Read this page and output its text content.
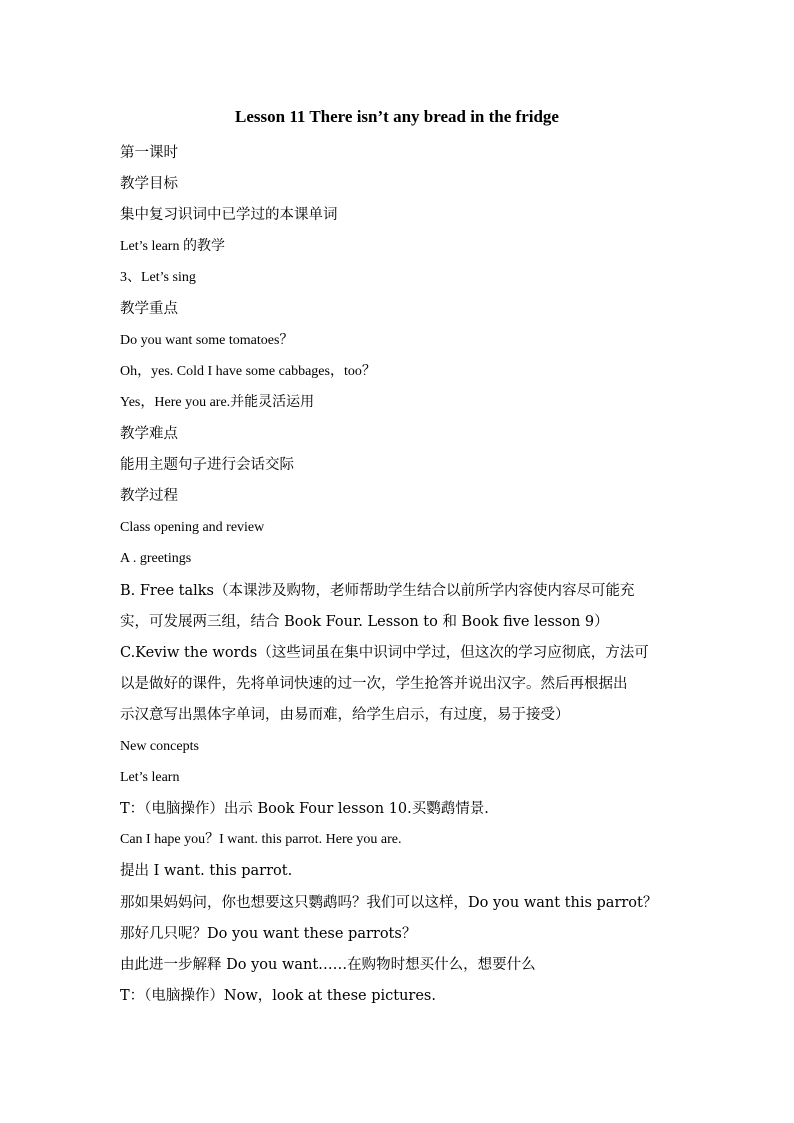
Lesson 11 There isn’t any bread in the fridge
第一课时
教学目标
集中复习识词中已学过的本课单词
Let’s learn 的教学
3、Let’s sing
教学重点
Do you want some tomatoes？
Oh，yes. Cold I have some cabbages，too？
Yes，Here you are.并能灵活运用
教学难点
能用主题句子进行会话交际
教学过程
Class opening and review
A . greetings
B. Free talks（本课涉及购物，老师帮助学生结合以前所学内容使内容尽可能充
实，可发展两三组，结合 Book Four. Lesson to 和 Book five lesson 9）
C.Keviw the words（这些词虽在集中识词中学过，但这次的学习应彻底，方法可
以是做好的课件，先将单词快速的过一次，学生抢答并说出汉字。然后再根据出
示汉意写出黑体字单词，由易而难，给学生启示，有过度，易于接受）
New concepts
Let’s learn
T：（电脑操作）出示 Book Four lesson 10.买鹦鹉情景.
Can I hape you？I want. this parrot. Here you are.
提出 I want. this parrot.
那如果妈妈问，你也想要这只鹦鹉吗？我们可以这样，Do you want this parrot？
那好几只呢？Do you want these parrots？
由此进一步解释 Do you want……在购物时想买什么，想要什么
T：（电脑操作）Now，look at these pictures.
